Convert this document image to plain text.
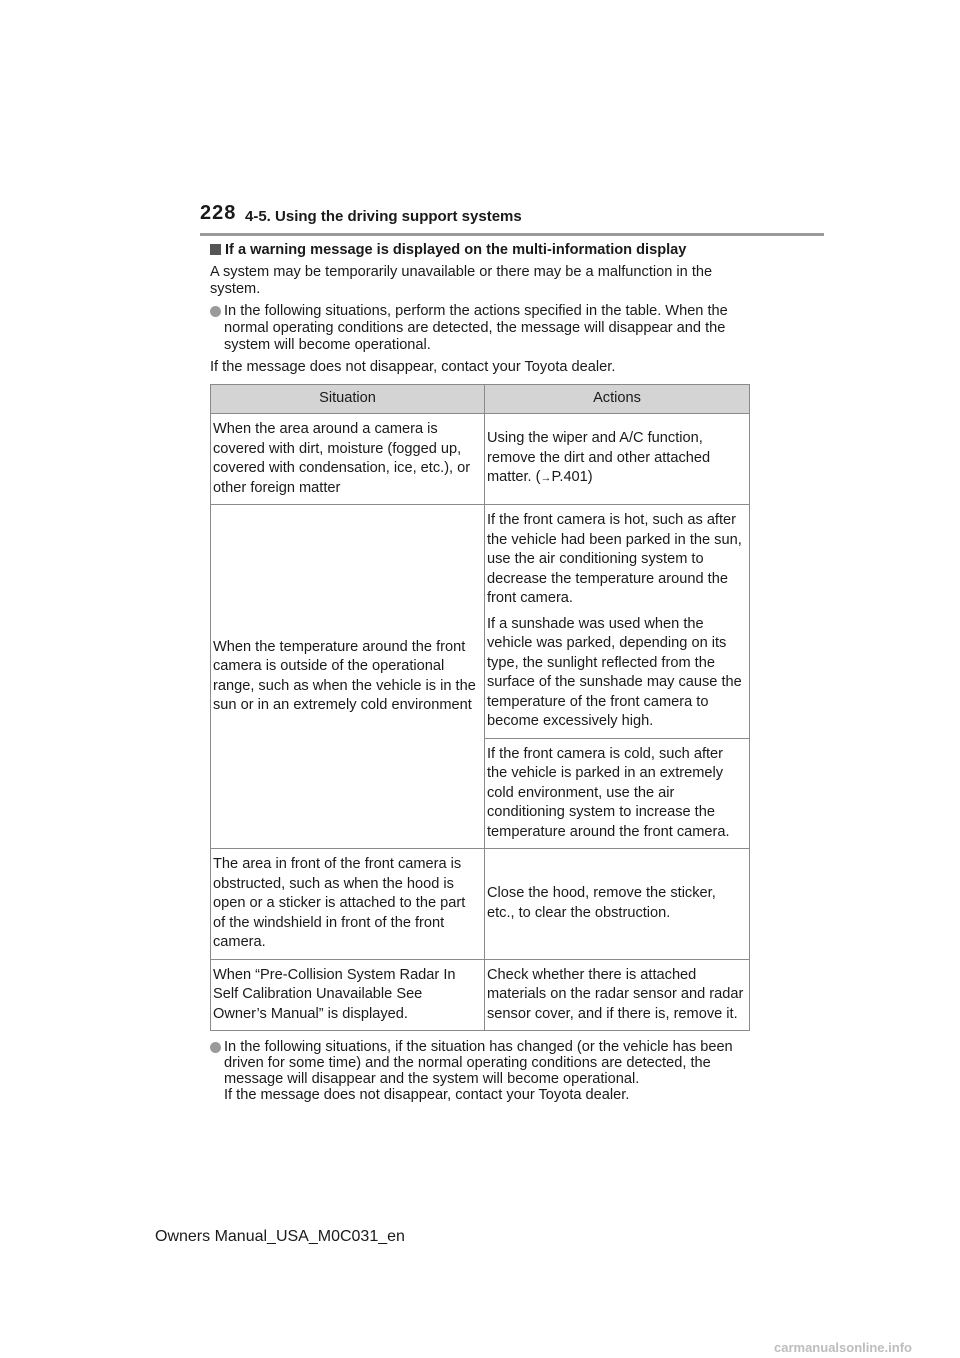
228 4-5. Using the driving support systems
If a warning message is displayed on the multi-information display
A system may be temporarily unavailable or there may be a malfunction in the system.
In the following situations, perform the actions specified in the table. When the normal operating conditions are detected, the message will disappear and the system will become operational.
If the message does not disappear, contact your Toyota dealer.
Situation	Actions
When the area around a camera is covered with dirt, moisture (fogged up, covered with condensation, ice, etc.), or other foreign matter	Using the wiper and A/C function, remove the dirt and other attached matter. (→P.401)
When the temperature around the front camera is outside of the operational range, such as when the vehicle is in the sun or in an extremely cold environment	If the front camera is hot, such as after the vehicle had been parked in the sun, use the air conditioning system to decrease the temperature around the front camera.

If a sunshade was used when the vehicle was parked, depending on its type, the sunlight reflected from the surface of the sunshade may cause the temperature of the front camera to become excessively high.

	If the front camera is cold, such after the vehicle is parked in an extremely cold environment, use the air conditioning system to increase the temperature around the front camera.
The area in front of the front camera is obstructed, such as when the hood is open or a sticker is attached to the part of the windshield in front of the front camera.	Close the hood, remove the sticker, etc., to clear the obstruction.
When “Pre-Collision System Radar In Self Calibration Unavailable See Owner’s Manual” is displayed.	Check whether there is attached materials on the radar sensor and radar sensor cover, and if there is, remove it.
In the following situations, if the situation has changed (or the vehicle has been driven for some time) and the normal operating conditions are detected, the message will disappear and the system will become operational.
If the message does not disappear, contact your Toyota dealer.
Owners Manual_USA_M0C031_en
carmanualsonline.info
